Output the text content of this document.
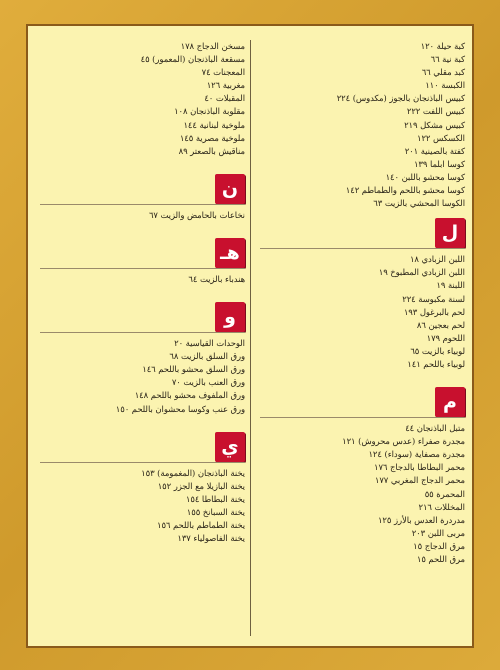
كبة حيلة ١٢٠
كبة نية ٦٦
كبد مقلي ٦٦
الكبسة ١١٠
كبيس الباذنجان بالجوز (مكدوس) ٢٢٤
كبيس اللفت ٢٢٢
كبيس مشكل ٢١٩
الكسكس ١٢٢
كفتة بالصينية ٢٠١
كوسا ابلما ١٣٩
كوسا محشو باللبن ١٤٠
كوسا محشو باللحم والطماطم ١٤٢
الكوسا المحشي بالزيت ٦٣
ل
اللبن الزبادي ١٨
اللبن الزبادي المطبوخ ١٩
اللبنة ١٩
لسنة مكبوسة ٢٢٤
لحم بالبرغول ١٩٣
لحم بعجين ٨٦
اللحوم ١٧٩
لوبياء بالزيت ٦٥
لوبياء باللحم ١٤١
م
متبل الباذنجان ٤٤
مجدرة صفراء (عدس محروش) ١٢١
مجدرة مصفاية (سوداء) ١٢٤
محمر البطاطا بالدجاج ١٧٦
محمر الدجاج المغربي ١٧٧
المحمرة ٥٥
المخللات ٢١٦
مدردرة العدس بالأرز ١٢٥
مربى اللبن ٢٠٣
مرق الدجاج ١٥
مرق اللحم ١٥
مسخن الدجاج ١٧٨
مسقعة الباذنجان (المعمور) ٤٥
المعجنات ٧٤
مغربية ١٢٦
المقبلات ٤٠
مقلوبة الباذنجان ١٠٨
ملوخية لبنانية ١٤٤
ملوخية مصرية ١٤٥
مناقيش بالصعتر ٨٩
ن
نخاعات بالحامض والزيت ٦٧
هـ
هندباء بالزيت ٦٤
و
الوحدات القياسية ٢٠
ورق السلق بالزيت ٦٨
ورق السلق محشو باللحم ١٤٦
ورق العنب بالزيت ٧٠
ورق الملفوف محشو باللحم ١٤٨
ورق عنب وكوسا محشوان باللحم ١٥٠
ي
يخنة الباذنجان (المغمومة) ١٥٣
يخنة البازيلا مع الجزر ١٥٢
يخنة البطاطا ١٥٤
يخنة السبانخ ١٥٥
يخنة الطماطم باللحم ١٥٦
يخنة الفاصولياء ١٣٧
